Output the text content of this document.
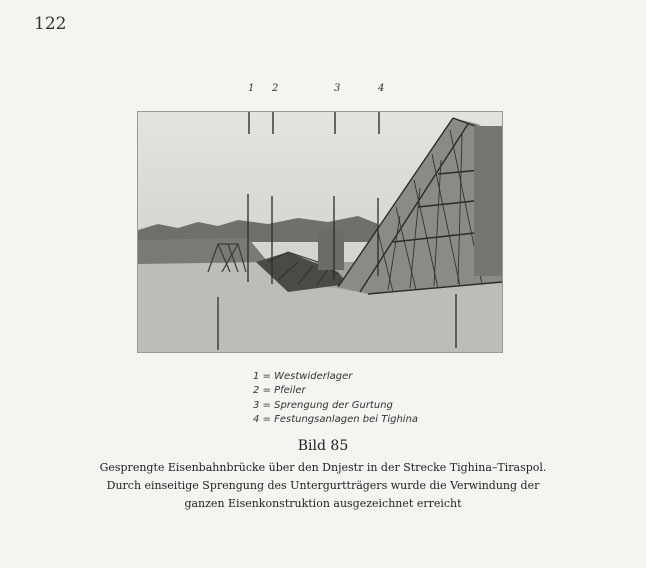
122
1 2	3	4
1 = Westwiderlager
2 = Pfeiler
3 = Sprengung der Gurtung
4 = Festungsanlagen bei Tighina
Bild 85
Gesprengte Eisenbahnbrücke über den Dnjestr in der Strecke Tighina–Tiraspol.
Durch einseitige Sprengung des Untergurtträgers wurde die Verwindung der
ganzen Eisenkonstruktion ausgezeichnet erreicht
